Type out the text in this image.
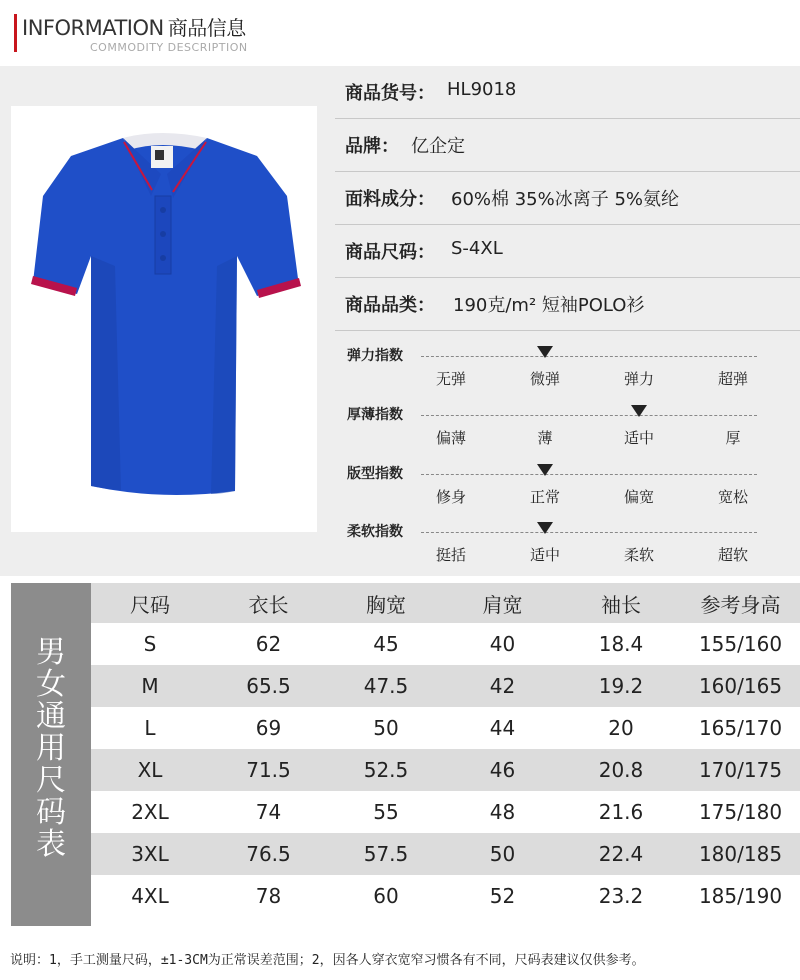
INFORMATION 商品信息
COMMODITY DESCRIPTION
商品货号： HL9018
品牌： 亿企定
面料成分： 60%棉 35%冰离子 5%氨纶
商品尺码： S-4XL
商品品类： 190克/m² 短袖POLO衫
弹力指数
无弹	微弹	弹力	超弹
厚薄指数
偏薄	薄	适中	厚
版型指数
修身	正常	偏宽	宽松
柔软指数
挺括	适中	柔软	超软
男
女
通
用
尺
码
表
尺码	衣长	胸宽	肩宽	袖长	参考身高
S	62	45	40	18.4	155/160
M	65.5	47.5	42	19.2	160/165
L	69	50	44	20	165/170
XL	71.5	52.5	46	20.8	170/175
2XL	74	55	48	21.6	175/180
3XL	76.5	57.5	50	22.4	180/185
4XL	78	60	52	23.2	185/190
说明：1，手工测量尺码，±1-3CM为正常误差范围；2，因各人穿衣宽窄习惯各有不同，尺码表建议仅供参考。
